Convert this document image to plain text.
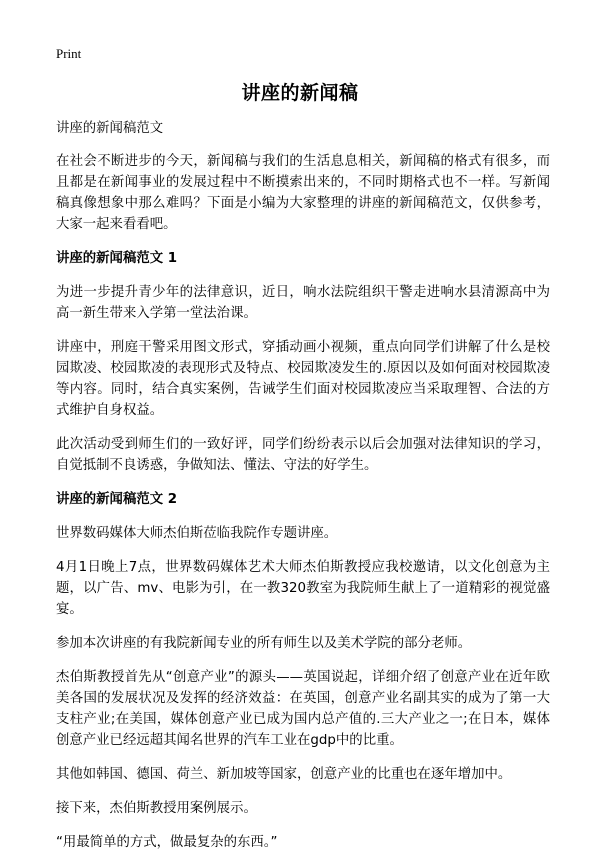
Print
讲座的新闻稿

讲座的新闻稿范文

在社会不断进步的今天，新闻稿与我们的生活息息相关，新闻稿的格式有很多，而且都是在新闻事业的发展过程中不断摸索出来的，不同时期格式也不一样。写新闻稿真像想象中那么难吗？下面是小编为大家整理的讲座的新闻稿范文，仅供参考，大家一起来看看吧。

讲座的新闻稿范文 1

为进一步提升青少年的法律意识，近日，响水法院组织干警走进响水县清源高中为高一新生带来入学第一堂法治课。

讲座中，刑庭干警采用图文形式，穿插动画小视频，重点向同学们讲解了什么是校园欺凌、校园欺凌的表现形式及特点、校园欺凌发生的.原因以及如何面对校园欺凌等内容。同时，结合真实案例，告诫学生们面对校园欺凌应当采取理智、合法的方式维护自身权益。

此次活动受到师生们的一致好评，同学们纷纷表示以后会加强对法律知识的学习，自觉抵制不良诱惑，争做知法、懂法、守法的好学生。

讲座的新闻稿范文 2

世界数码媒体大师杰伯斯莅临我院作专题讲座。

4月1日晚上7点，世界数码媒体艺术大师杰伯斯教授应我校邀请，以文化创意为主题，以广告、mv、电影为引，在一教320教室为我院师生献上了一道精彩的视觉盛宴。

参加本次讲座的有我院新闻专业的所有师生以及美术学院的部分老师。

杰伯斯教授首先从“创意产业”的源头——英国说起，详细介绍了创意产业在近年欧美各国的发展状况及发挥的经济效益：在英国，创意产业名副其实的成为了第一大支柱产业;在美国，媒体创意产业已成为国内总产值的.三大产业之一;在日本，媒体创意产业已经远超其闻名世界的汽车工业在gdp中的比重。

其他如韩国、德国、荷兰、新加坡等国家，创意产业的比重也在逐年增加中。

接下来，杰伯斯教授用案例展示。

“用最简单的方式，做最复杂的东西。”
